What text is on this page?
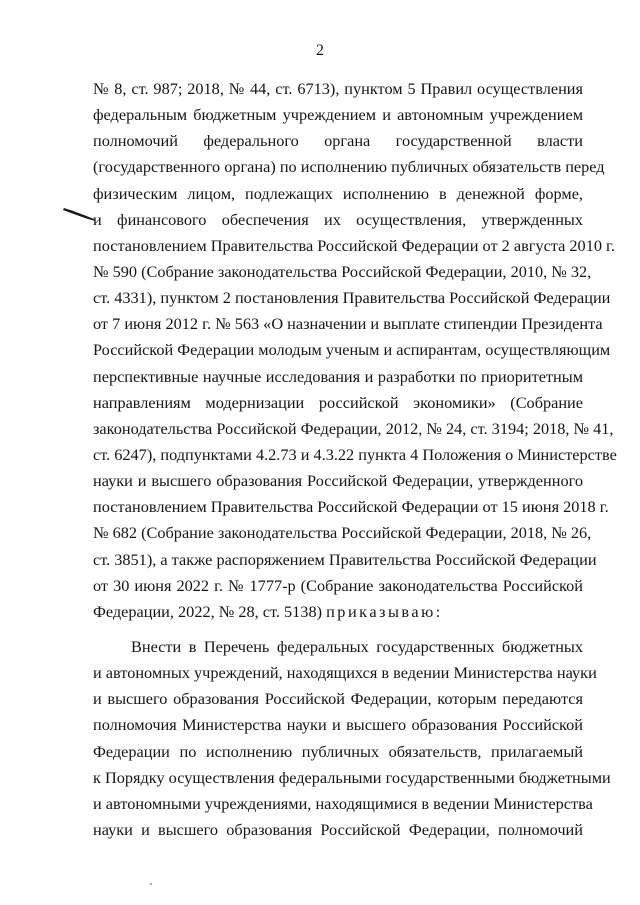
2
№ 8, ст. 987; 2018, № 44, ст. 6713), пунктом 5 Правил осуществления
федеральным бюджетным учреждением и автономным учреждением
полномочий федерального органа государственной власти
(государственного органа) по исполнению публичных обязательств перед
физическим лицом, подлежащих исполнению в денежной форме,
и финансового обеспечения их осуществления, утвержденных
постановлением Правительства Российской Федерации от 2 августа 2010 г.
№ 590 (Собрание законодательства Российской Федерации, 2010, № 32,
ст. 4331), пунктом 2 постановления Правительства Российской Федерации
от 7 июня 2012 г. № 563 «О назначении и выплате стипендии Президента
Российской Федерации молодым ученым и аспирантам, осуществляющим
перспективные научные исследования и разработки по приоритетным
направлениям модернизации российской экономики» (Собрание
законодательства Российской Федерации, 2012, № 24, ст. 3194; 2018, № 41,
ст. 6247), подпунктами 4.2.73 и 4.3.22 пункта 4 Положения о Министерстве
науки и высшего образования Российской Федерации, утвержденного
постановлением Правительства Российской Федерации от 15 июня 2018 г.
№ 682 (Собрание законодательства Российской Федерации, 2018, № 26,
ст. 3851), а также распоряжением Правительства Российской Федерации
от 30 июня 2022 г. № 1777-р (Собрание законодательства Российской
Федерации, 2022, № 28, ст. 5138) приказываю:
Внести в Перечень федеральных государственных бюджетных
и автономных учреждений, находящихся в ведении Министерства науки
и высшего образования Российской Федерации, которым передаются
полномочия Министерства науки и высшего образования Российской
Федерации по исполнению публичных обязательств, прилагаемый
к Порядку осуществления федеральными государственными бюджетными
и автономными учреждениями, находящимися в ведении Министерства
науки и высшего образования Российской Федерации, полномочий
